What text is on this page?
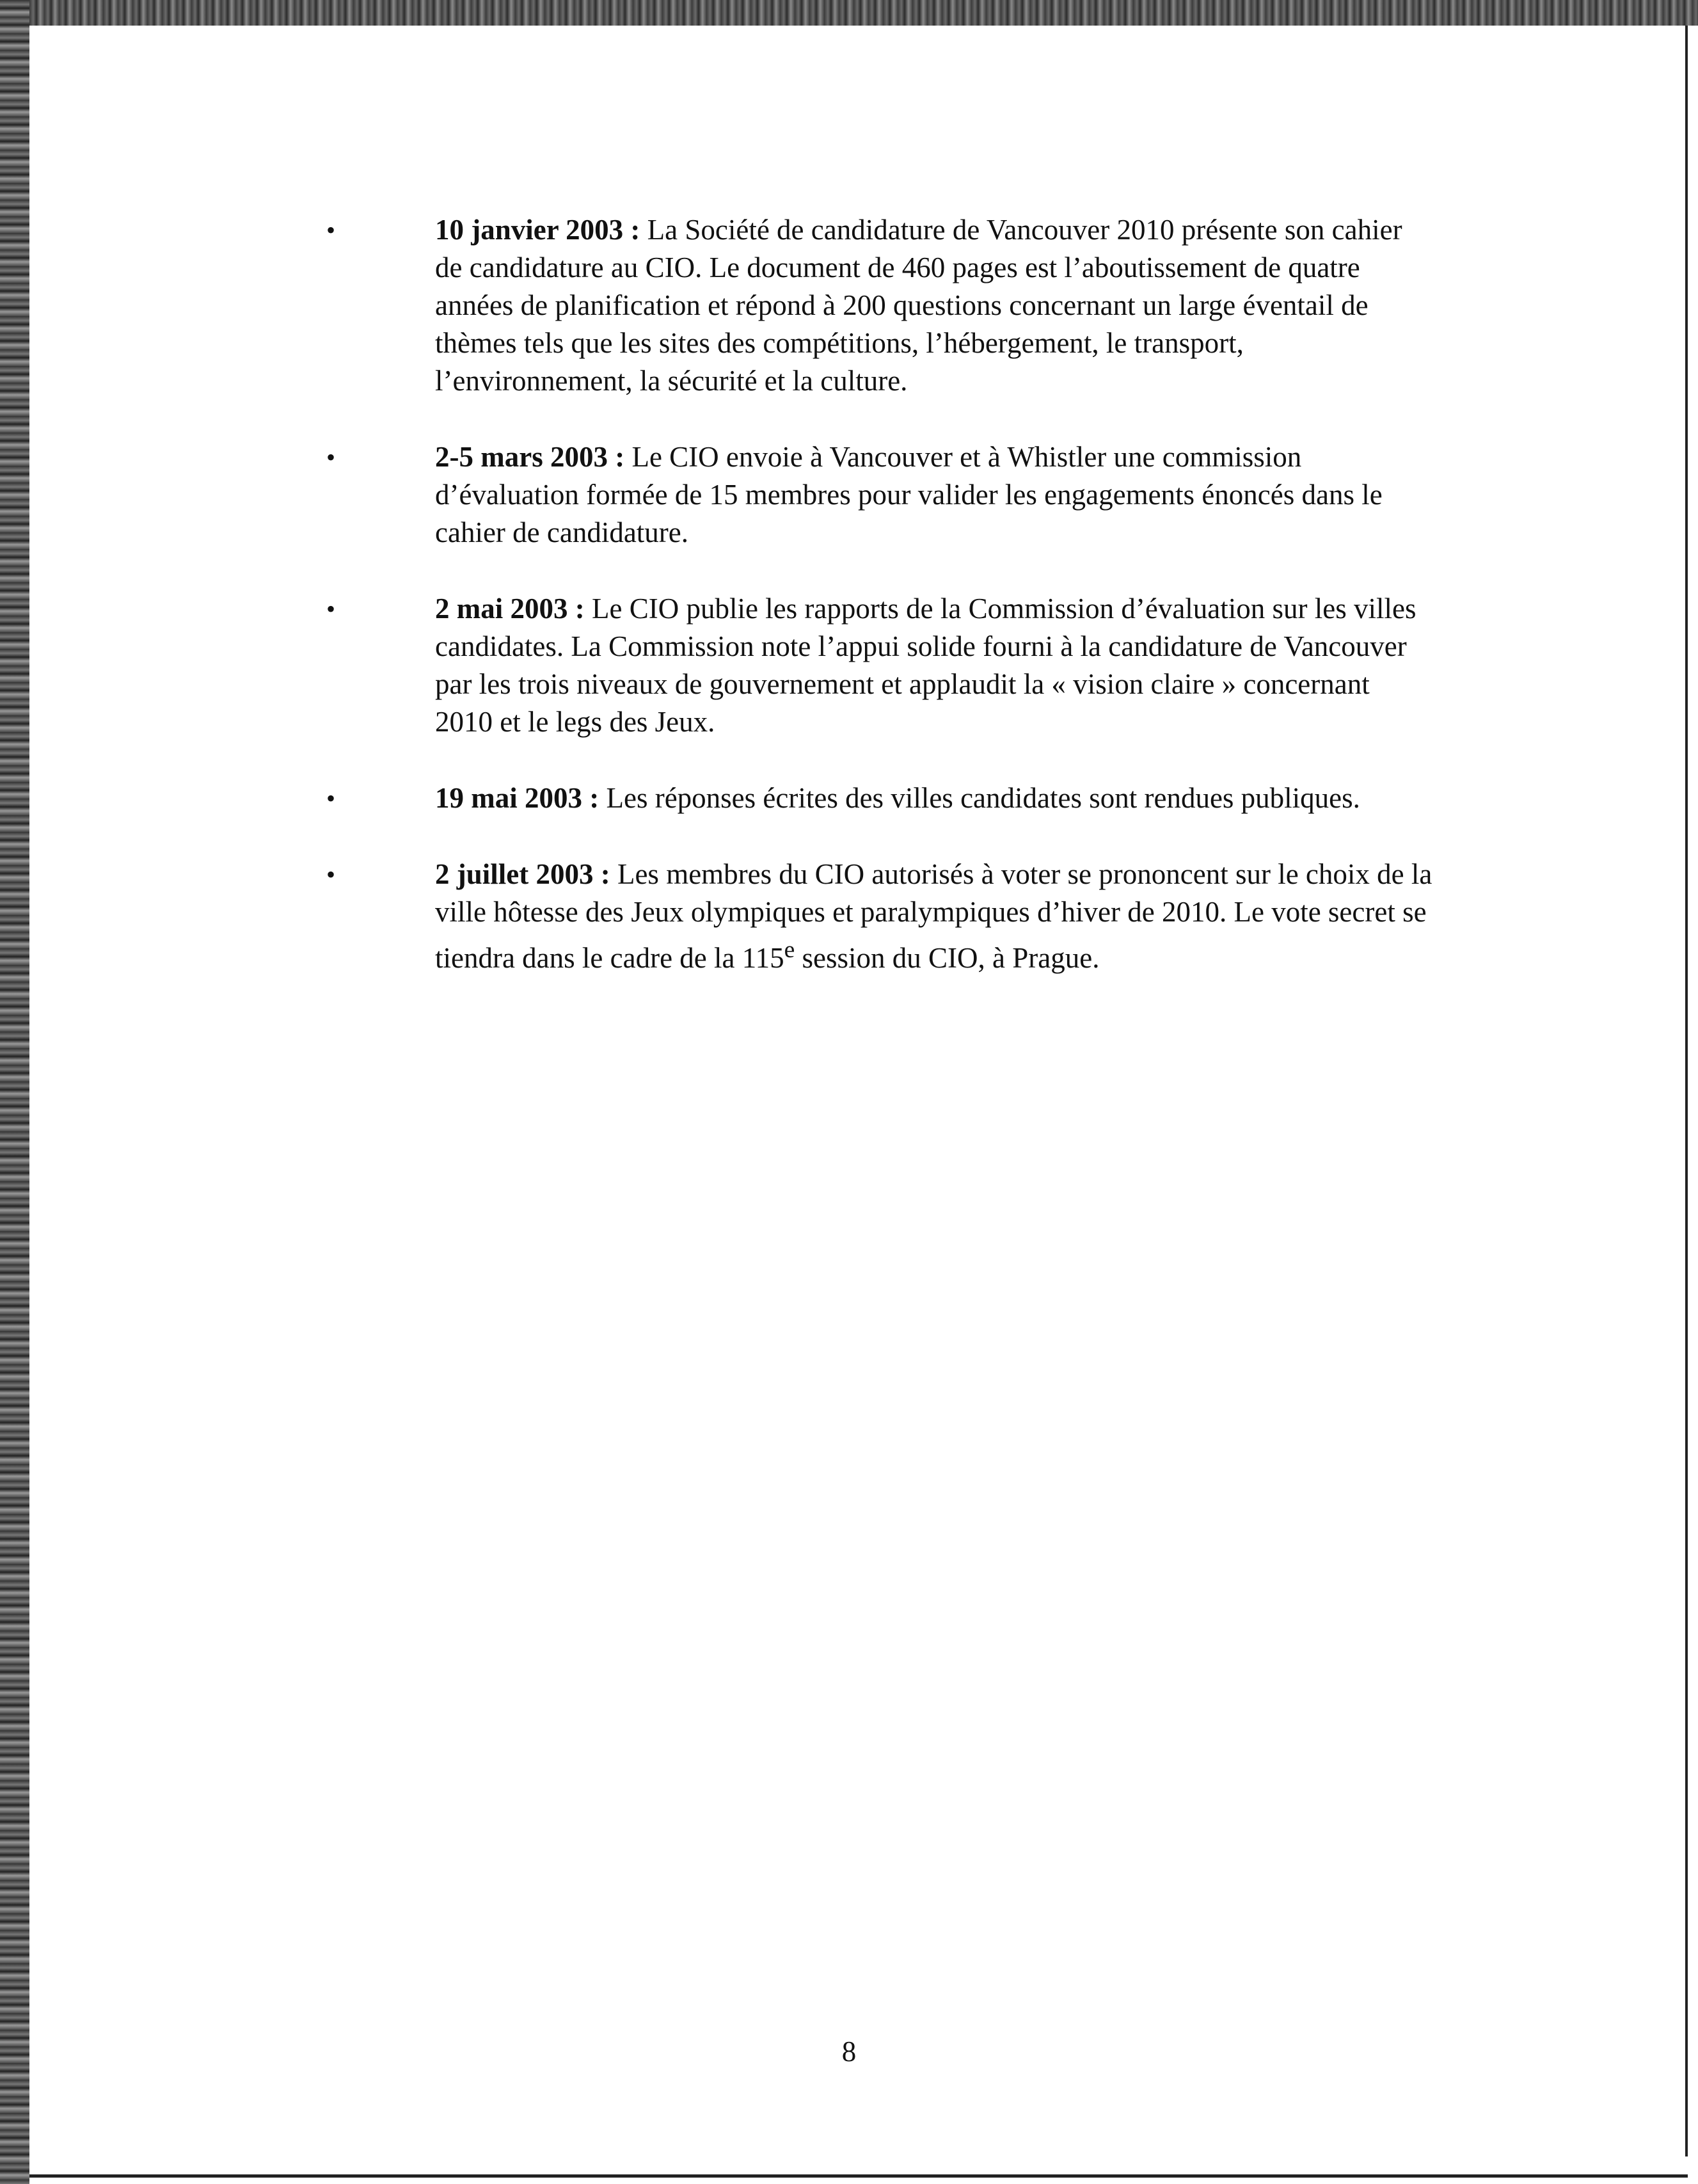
•	10 janvier 2003 : La Société de candidature de Vancouver 2010 présente son cahier de candidature au CIO. Le document de 460 pages est l’aboutissement de quatre années de planification et répond à 200 questions concernant un large éventail de thèmes tels que les sites des compétitions, l’hébergement, le transport, l’environnement, la sécurité et la culture.
•	2-5 mars 2003 : Le CIO envoie à Vancouver et à Whistler une commission d’évaluation formée de 15 membres pour valider les engagements énoncés dans le cahier de candidature.
•	2 mai 2003 : Le CIO publie les rapports de la Commission d’évaluation sur les villes candidates. La Commission note l’appui solide fourni à la candidature de Vancouver par les trois niveaux de gouvernement et applaudit la « vision claire » concernant 2010 et le legs des Jeux.
•	19 mai 2003 : Les réponses écrites des villes candidates sont rendues publiques.
•	2 juillet 2003 : Les membres du CIO autorisés à voter se prononcent sur le choix de la ville hôtesse des Jeux olympiques et paralympiques d’hiver de 2010. Le vote secret se tiendra dans le cadre de la 115e session du CIO, à Prague.
8
